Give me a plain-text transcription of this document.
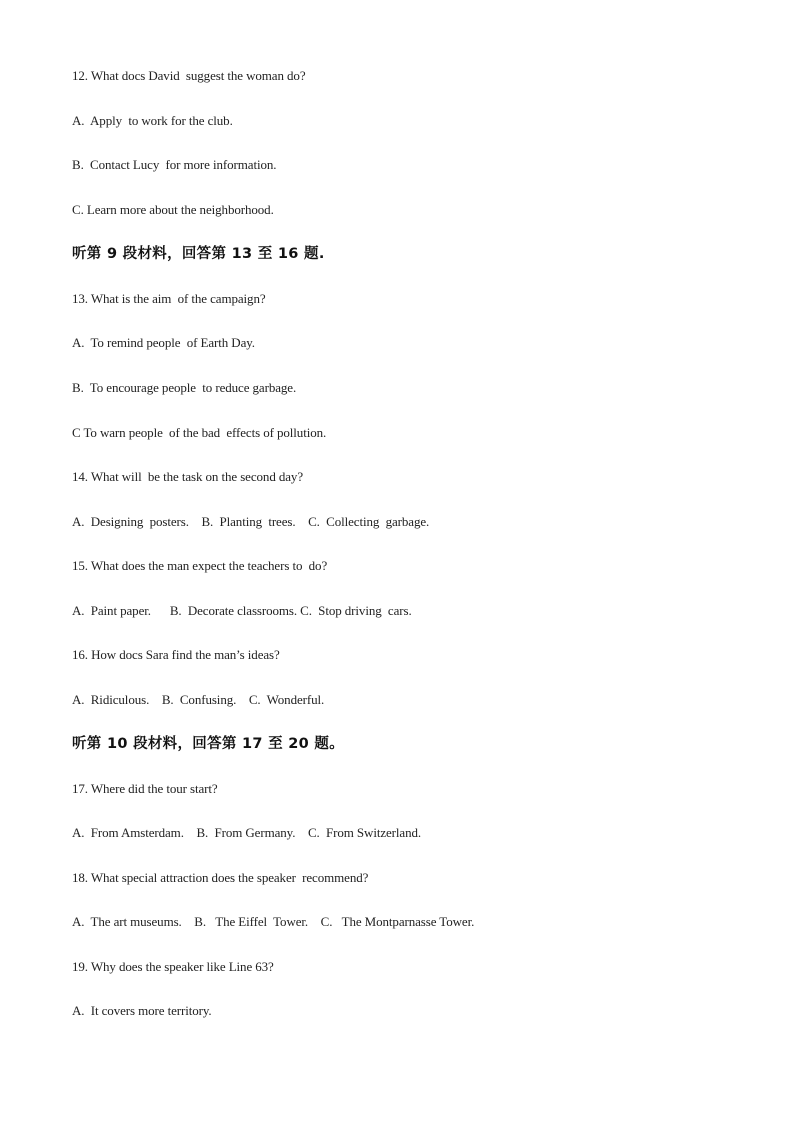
12. What docs David  suggest the woman do?
A.  Apply  to work for the club.
B.  Contact Lucy  for more information.
C. Learn more about the neighborhood.
听第 9 段材料，回答第 13 至 16 题.
13. What is the aim  of the campaign?
A.  To remind people  of Earth Day.
B.  To encourage people  to reduce garbage.
C To warn people  of the bad  effects of pollution.
14. What will  be the task on the second day?
A.  Designing  posters.    B.  Planting  trees.    C.  Collecting  garbage.
15. What does the man expect the teachers to  do?
A.  Paint paper.      B.  Decorate classrooms. C.  Stop driving  cars.
16. How docs Sara find the man’s ideas?
A.  Ridiculous.    B.  Confusing.    C.  Wonderful.
听第 10 段材料，回答第 17 至 20 题。
17. Where did the tour start?
A.  From Amsterdam.    B.  From Germany.    C.  From Switzerland.
18. What special attraction does the speaker  recommend?
A.  The art museums.    B.   The Eiffel  Tower.    C.   The Montparnasse Tower.
19. Why does the speaker like Line 63?
A.  It covers more territory.
